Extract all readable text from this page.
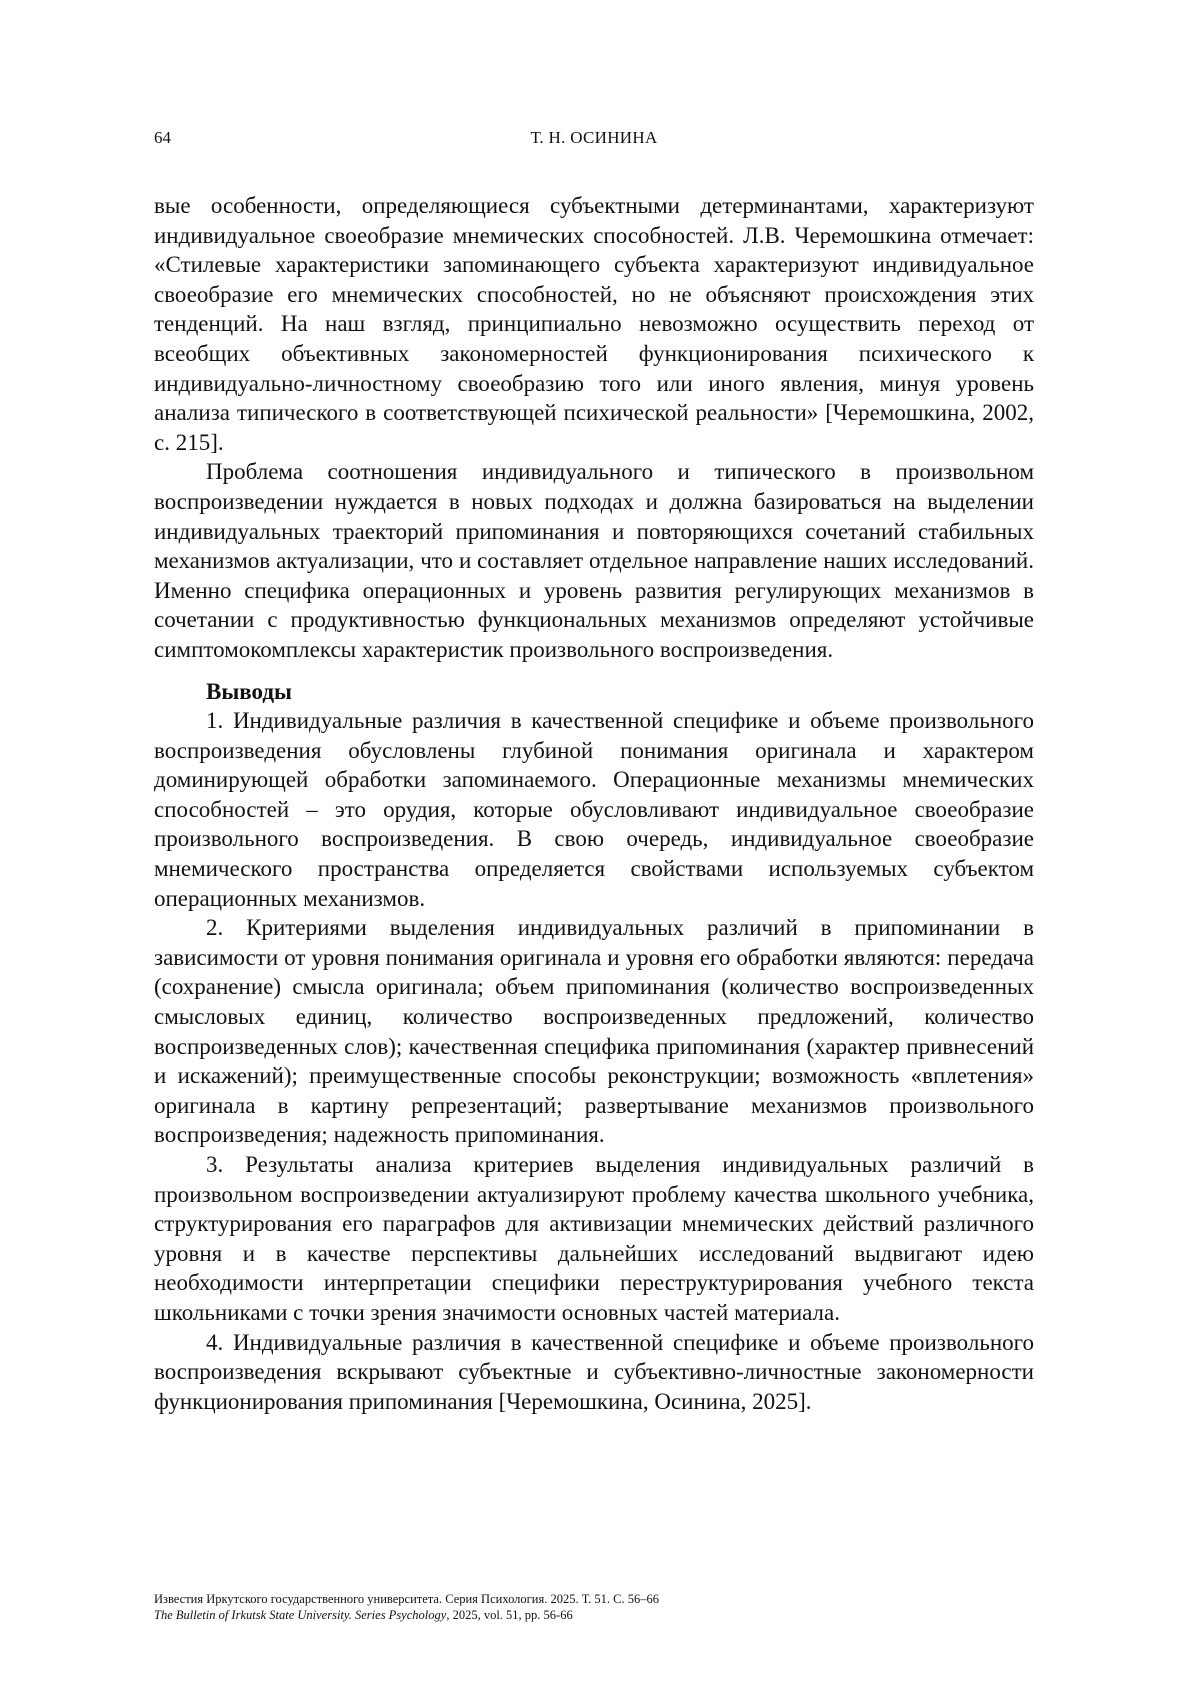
64	Т. Н. ОСИНИНА

вые особенности, определяющиеся субъектными детерминантами, характеризуют индивидуальное своеобразие мнемических способностей. Л.В. Черемошкина отмечает: «Стилевые характеристики запоминающего субъекта характеризуют индивидуальное своеобразие его мнемических способностей, но не объясняют происхождения этих тенденций. На наш взгляд, принципиально невозможно осуществить переход от всеобщих объективных закономерностей функционирования психического к индивидуально-личностному своеобразию того или иного явления, минуя уровень анализа типического в соответствующей психической реальности» [Черемошкина, 2002, с. 215].

Проблема соотношения индивидуального и типического в произвольном воспроизведении нуждается в новых подходах и должна базироваться на выделении индивидуальных траекторий припоминания и повторяющихся сочетаний стабильных механизмов актуализации, что и составляет отдельное направление наших исследований. Именно специфика операционных и уровень развития регулирующих механизмов в сочетании с продуктивностью функциональных механизмов определяют устойчивые симптомокомплексы характеристик произвольного воспроизведения.

Выводы

1. Индивидуальные различия в качественной специфике и объеме произвольного воспроизведения обусловлены глубиной понимания оригинала и характером доминирующей обработки запоминаемого. Операционные механизмы мнемических способностей – это орудия, которые обусловливают индивидуальное своеобразие произвольного воспроизведения. В свою очередь, индивидуальное своеобразие мнемического пространства определяется свойствами используемых субъектом операционных механизмов.

2. Критериями выделения индивидуальных различий в припоминании в зависимости от уровня понимания оригинала и уровня его обработки являются: передача (сохранение) смысла оригинала; объем припоминания (количество воспроизведенных смысловых единиц, количество воспроизведенных предложений, количество воспроизведенных слов); качественная специфика припоминания (характер привнесений и искажений); преимущественные способы реконструкции; возможность «вплетения» оригинала в картину репрезентаций; развертывание механизмов произвольного воспроизведения; надежность припоминания.

3. Результаты анализа критериев выделения индивидуальных различий в произвольном воспроизведении актуализируют проблему качества школьного учебника, структурирования его параграфов для активизации мнемических действий различного уровня и в качестве перспективы дальнейших исследований выдвигают идею необходимости интерпретации специфики переструктурирования учебного текста школьниками с точки зрения значимости основных частей материала.

4. Индивидуальные различия в качественной специфике и объеме произвольного воспроизведения вскрывают субъектные и субъективно-личностные закономерности функционирования припоминания [Черемошкина, Осинина, 2025].

Известия Иркутского государственного университета. Серия Психология. 2025. Т. 51. С. 56–66
The Bulletin of Irkutsk State University. Series Psychology, 2025, vol. 51, pp. 56-66
